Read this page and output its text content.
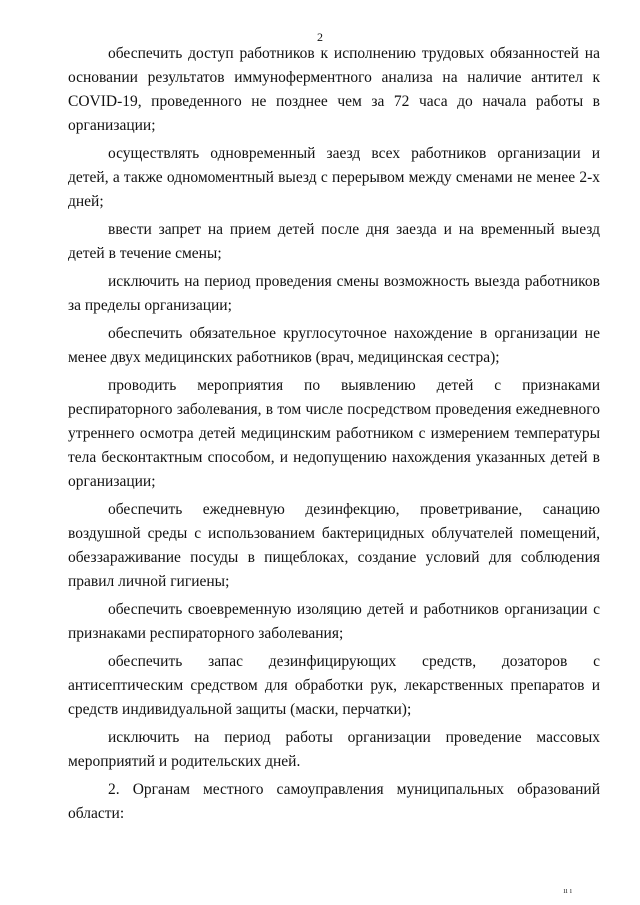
2

обеспечить доступ работников к исполнению трудовых обязанностей на основании результатов иммуноферментного анализа на наличие антител к COVID-19, проведенного не позднее чем за 72 часа до начала работы в организации;

осуществлять одновременный заезд всех работников организации и детей, а также одномоментный выезд с перерывом между сменами не менее 2-х дней;

ввести запрет на прием детей после дня заезда и на временный выезд детей в течение смены;

исключить на период проведения смены возможность выезда работников за пределы организации;

обеспечить обязательное круглосуточное нахождение в организации не менее двух медицинских работников (врач, медицинская сестра);

проводить мероприятия по выявлению детей с признаками респираторного заболевания, в том числе посредством проведения ежедневного утреннего осмотра детей медицинским работником с измерением температуры тела бесконтактным способом, и недопущению нахождения указанных детей в организации;

обеспечить ежедневную дезинфекцию, проветривание, санацию воздушной среды с использованием бактерицидных облучателей помещений, обеззараживание посуды в пищеблоках, создание условий для соблюдения правил личной гигиены;

обеспечить своевременную изоляцию детей и работников организации с признаками респираторного заболевания;

обеспечить запас дезинфицирующих средств, дозаторов с антисептическим средством для обработки рук, лекарственных препаратов и средств индивидуальной защиты (маски, перчатки);

исключить на период работы организации проведение массовых мероприятий и родительских дней.

2. Органам местного самоуправления муниципальных образований области:

ıı ı
